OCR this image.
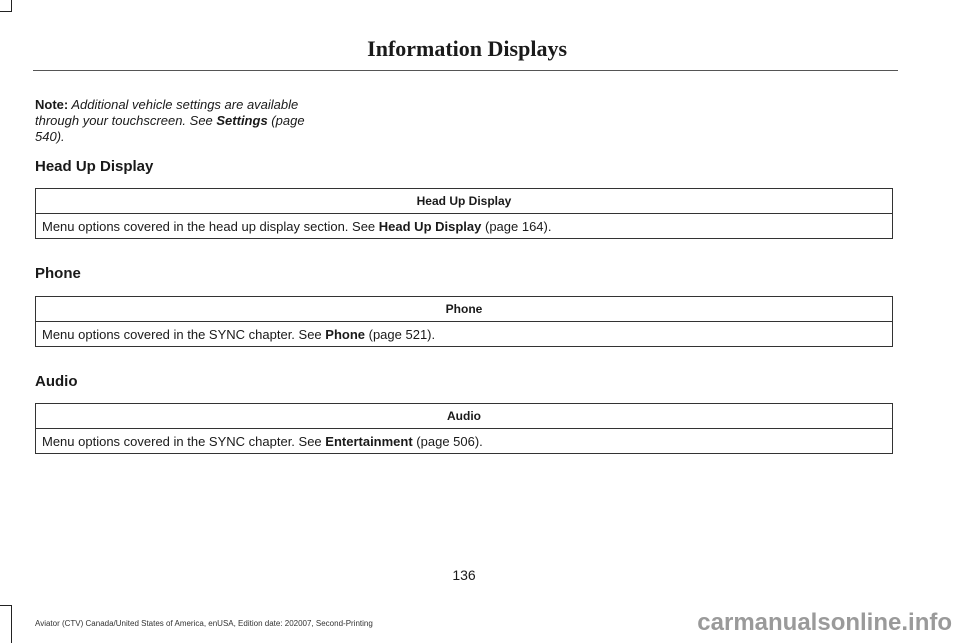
Information Displays
Note: Additional vehicle settings are available through your touchscreen. See Settings (page 540).
Head Up Display
Head Up Display
Menu options covered in the head up display section. See Head Up Display (page 164).
Phone
Phone
Menu options covered in the SYNC chapter. See Phone (page 521).
Audio
Audio
Menu options covered in the SYNC chapter. See Entertainment (page 506).
136
Aviator (CTV) Canada/United States of America, enUSA, Edition date: 202007, Second-Printing	carmanualsonline.info
